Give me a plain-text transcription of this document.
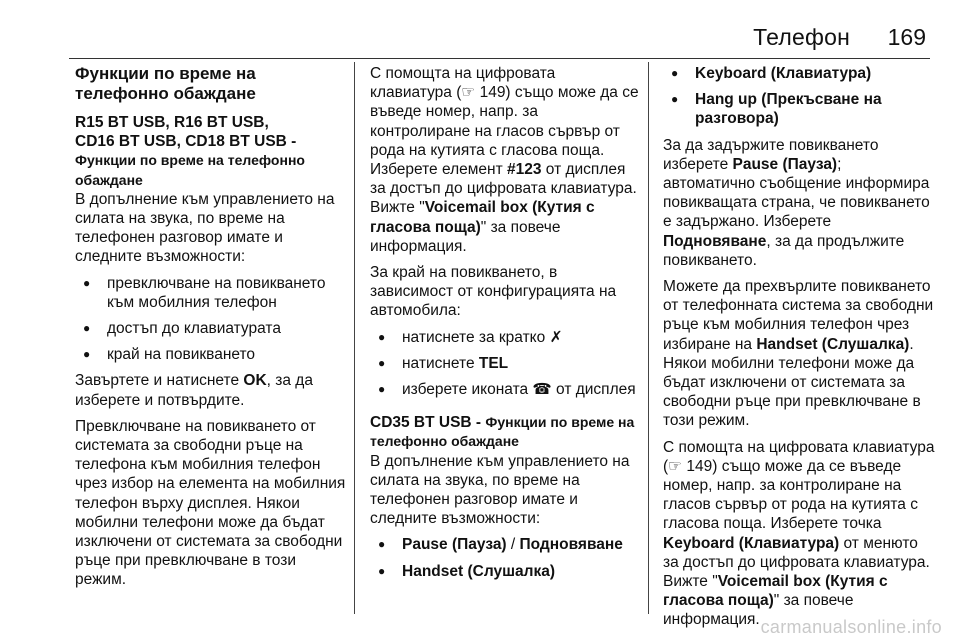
Телефон 169
Функции по време на телефонно обаждане
R15 BT USB, R16 BT USB,
CD16 BT USB, CD18 BT USB -
Функции по време на телефонно обаждане

В допълнение към управлението на силата на звука, по време на телефонен разговор имате и следните възможности:

● превключване на повикването към мобилния телефон
● достъп до клавиатурата
● край на повикването

Завъртете и натиснете OK, за да изберете и потвърдите.

Превключване на повикването от системата за свободни ръце на телефона към мобилния телефон чрез избор на елемента на мобилния телефон върху дисплея. Някои мобилни телефони може да бъдат изключени от системата за свободни ръце при превключване в този режим.

С помощта на цифровата клавиатура (☞ 149) също може да се въведе номер, напр. за контролиране на гласов сървър от рода на кутията с гласова поща. Изберете елемент #123 от дисплея за достъп до цифровата клавиатура. Вижте "Voicemail box (Кутия с гласова поща)" за повече информация.

За край на повикването, в зависимост от конфигурацията на автомобила:

● натиснете за кратко ✗
● натиснете TEL
● изберете иконата ☎ от дисплея
CD35 BT USB - Функции по време на телефонно обаждане

В допълнение към управлението на силата на звука, по време на телефонен разговор имате и следните възможности:

● Pause (Пауза) / Подновяване
● Handset (Слушалка)
● Keyboard (Клавиатура)
● Hang up (Прекъсване на разговора)

За да задържите повикването изберете Pause (Пауза); автоматично съобщение информира повикващата страна, че повикването е задържано. Изберете Подновяване, за да продължите повикването.

Можете да прехвърлите повикването от телефонната система за свободни ръце към мобилния телефон чрез избиране на Handset (Слушалка). Някои мобилни телефони може да бъдат изключени от системата за свободни ръце при превключване в този режим.

С помощта на цифровата клавиатура (☞ 149) също може да се въведе номер, напр. за контролиране на гласов сървър от рода на кутията с гласова поща. Изберете точка Keyboard (Клавиатура) от менюто за достъп до цифровата клавиатура. Вижте "Voicemail box (Кутия с гласова поща)" за повече информация. carmanualsonline.info
